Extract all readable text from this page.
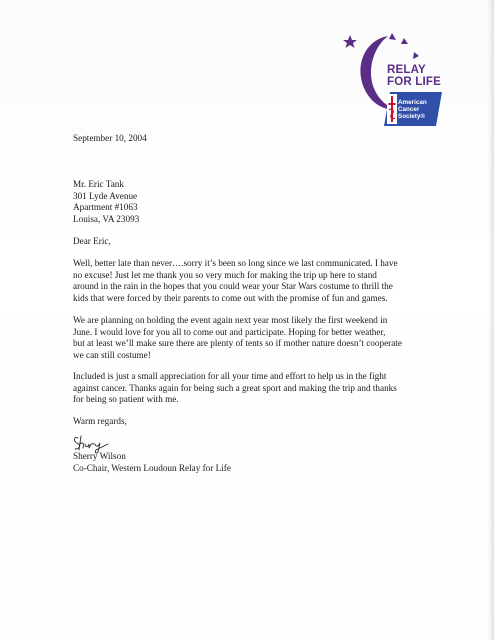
RELAY
FOR LIFE
American
Cancer
Society®
September 10, 2004
Mr. Eric Tank
301 Lyde Avenue
Apartment #1063
Louisa, VA 23093
Dear Eric,
Well, better late than never….sorry it’s been so long since we last communicated. I have
no excuse! Just let me thank you so very much for making the trip up here to stand
around in the rain in the hopes that you could wear your Star Wars costume to thrill the
kids that were forced by their parents to come out with the promise of fun and games.
We are planning on holding the event again next year most likely the first weekend in
June. I would love for you all to come out and participate. Hoping for better weather,
but at least we’ll make sure there are plenty of tents so if mother nature doesn’t cooperate
we can still costume!
Included is just a small appreciation for all your time and effort to help us in the fight
against cancer. Thanks again for being such a great sport and making the trip and thanks
for being so patient with me.
Warm regards,
Sherry Wilson
Co-Chair, Western Loudoun Relay for Life
